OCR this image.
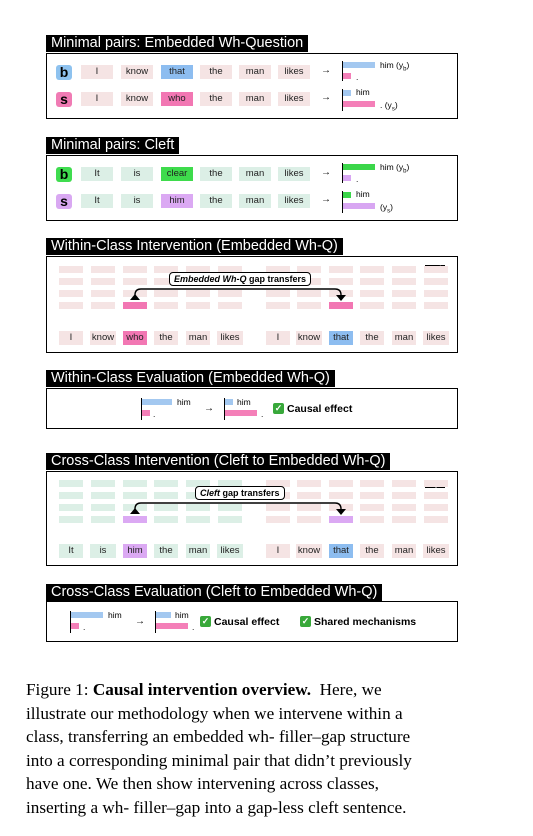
Minimal pairs: Embedded Wh-Question
b	I	know	that	the	man	likes	→	him $(y_b)$
.
s	I	know	who	the	man	likes	→	him
. $(y_s)$
Minimal pairs: Cleft
b	It	is	clear	the	man	likes	→	him $(y_b)$
.
s	It	is	him	the	man	likes	→	him
$(y_s)$
Within-Class Intervention (Embedded Wh-Q)
Embedded Wh-Q gap transfers
I	know	who	the	man	likes	I	know	that	the	man	likes
Within-Class Evaluation (Embedded Wh-Q)
him
.	→
him
.
✓ Causal effect
Cross-Class Intervention (Cleft to Embedded Wh-Q)
Cleft gap transfers
It	is	him	the	man	likes	I	know	that	the	man	likes
Cross-Class Evaluation (Cleft to Embedded Wh-Q)
him
.	→
him
.
✓ Causal effect ✓ Shared mechanisms
Figure 1: Causal intervention overview. Here, we
illustrate our methodology when we intervene within a
class, transferring an embedded wh- filler–gap structure
into a corresponding minimal pair that didn’t previously
have one. We then show intervening across classes,
inserting a wh- filler–gap into a gap-less cleft sentence.
